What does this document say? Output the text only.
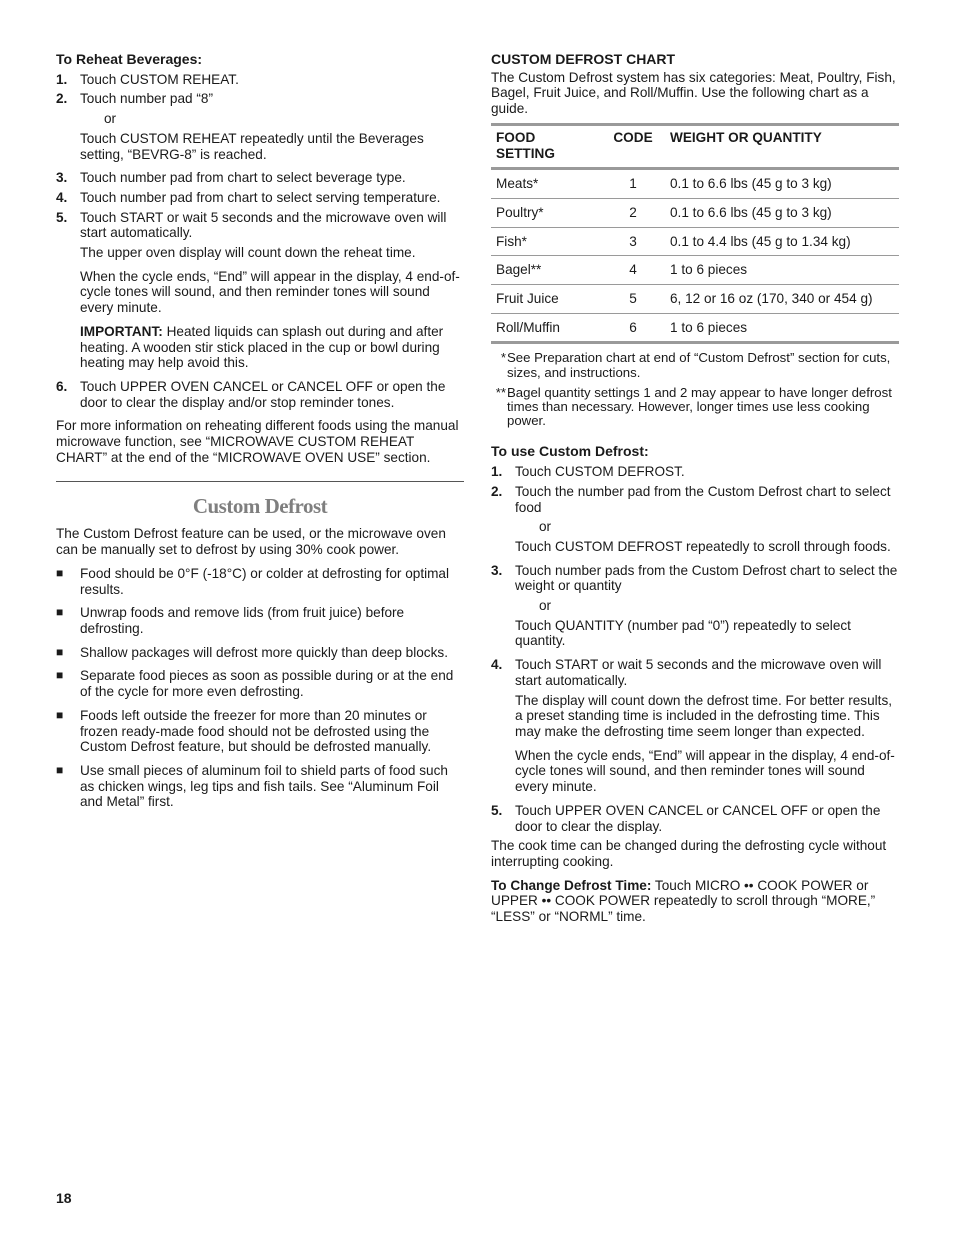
To Reheat Beverages:

1. Touch CUSTOM REHEAT.
2. Touch number pad “8”

or

Touch CUSTOM REHEAT repeatedly until the Beverages setting, “BEVRG-8” is reached.

3. Touch number pad from chart to select beverage type.
4. Touch number pad from chart to select serving temperature.
5. Touch START or wait 5 seconds and the microwave oven will start automatically.

The upper oven display will count down the reheat time.

When the cycle ends, “End” will appear in the display, 4 end-of-cycle tones will sound, and then reminder tones will sound every minute.

IMPORTANT: Heated liquids can splash out during and after heating. A wooden stir stick placed in the cup or bowl during heating may help avoid this.

6. Touch UPPER OVEN CANCEL or CANCEL OFF or open the door to clear the display and/or stop reminder tones.

For more information on reheating different foods using the manual microwave function, see “MICROWAVE CUSTOM REHEAT CHART” at the end of the “MICROWAVE OVEN USE” section.

Custom Defrost

The Custom Defrost feature can be used, or the microwave oven can be manually set to defrost by using 30% cook power.

■	Food should be 0°F (-18°C) or colder at defrosting for optimal results.
■	Unwrap foods and remove lids (from fruit juice) before defrosting.
■	Shallow packages will defrost more quickly than deep blocks.
■	Separate food pieces as soon as possible during or at the end of the cycle for more even defrosting.
■	Foods left outside the freezer for more than 20 minutes or frozen ready-made food should not be defrosted using the Custom Defrost feature, but should be defrosted manually.
■	Use small pieces of aluminum foil to shield parts of food such as chicken wings, leg tips and fish tails. See “Aluminum Foil and Metal” first.

CUSTOM DEFROST CHART

The Custom Defrost system has six categories: Meat, Poultry, Fish, Bagel, Fruit Juice, and Roll/Muffin. Use the following chart as a guide.

FOOD SETTING	CODE	WEIGHT OR QUANTITY
Meats*	1	0.1 to 6.6 lbs (45 g to 3 kg)
Poultry*	2	0.1 to 6.6 lbs (45 g to 3 kg)
Fish*	3	0.1 to 4.4 lbs (45 g to 1.34 kg)
Bagel**	4	1 to 6 pieces
Fruit Juice	5	6, 12 or 16 oz (170, 340 or 454 g)
Roll/Muffin	6	1 to 6 pieces
* See Preparation chart at end of “Custom Defrost” section for cuts, sizes, and instructions.
** Bagel quantity settings 1 and 2 may appear to have longer defrost times than necessary. However, longer times use less cooking power.

To use Custom Defrost:

1. Touch CUSTOM DEFROST.
2. Touch the number pad from the Custom Defrost chart to select food

or

Touch CUSTOM DEFROST repeatedly to scroll through foods.

3. Touch number pads from the Custom Defrost chart to select the weight or quantity

or

Touch QUANTITY (number pad “0”) repeatedly to select quantity.

4. Touch START or wait 5 seconds and the microwave oven will start automatically.

The display will count down the defrost time. For better results, a preset standing time is included in the defrosting time. This may make the defrosting time seem longer than expected.

When the cycle ends, “End” will appear in the display, 4 end-of-cycle tones will sound, and then reminder tones will sound every minute.

5. Touch UPPER OVEN CANCEL or CANCEL OFF or open the door to clear the display.

The cook time can be changed during the defrosting cycle without interrupting cooking.

To Change Defrost Time: Touch MICRO •• COOK POWER or UPPER •• COOK POWER repeatedly to scroll through “MORE,” “LESS” or “NORML” time.

18
